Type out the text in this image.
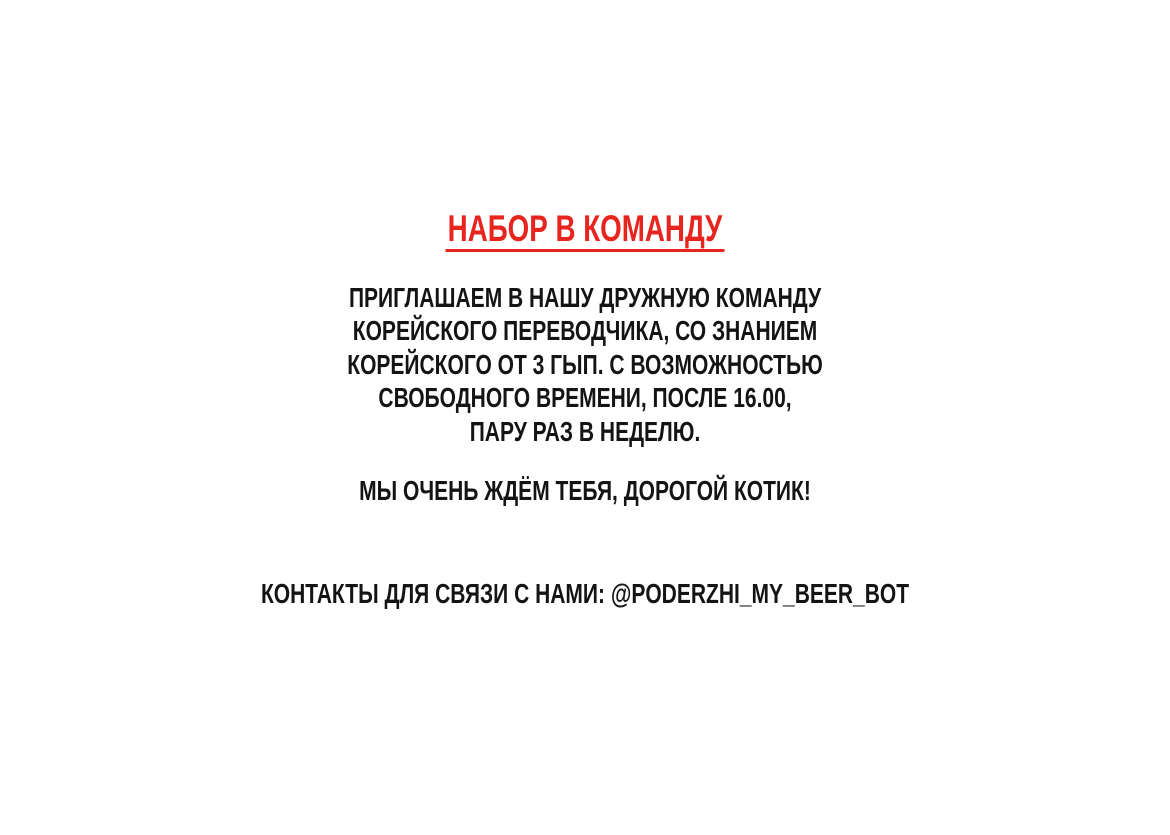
НАБОР В КОМАНДУ
ПРИГЛАШАЕМ В НАШУ ДРУЖНУЮ КОМАНДУ
КОРЕЙСКОГО ПЕРЕВОДЧИКА, СО ЗНАНИЕМ
КОРЕЙСКОГО ОТ 3 ГЫП. С ВОЗМОЖНОСТЬЮ
СВОБОДНОГО ВРЕМЕНИ, ПОСЛЕ 16.00,
ПАРУ РАЗ В НЕДЕЛЮ.
МЫ ОЧЕНЬ ЖДЁМ ТЕБЯ, ДОРОГОЙ КОТИК!
КОНТАКТЫ ДЛЯ СВЯЗИ С НАМИ: @PODERZHI_MY_BEER_BOT
